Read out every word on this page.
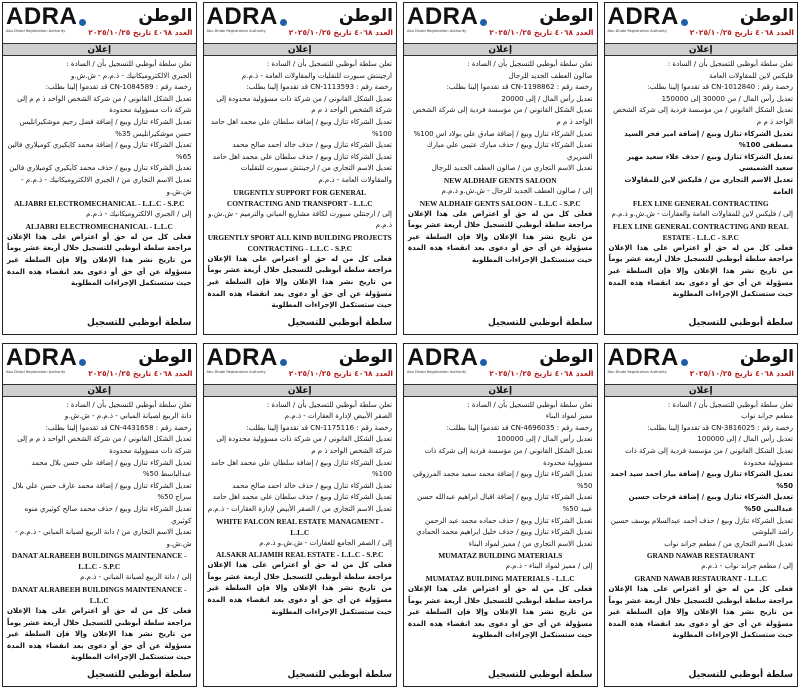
ADRA
Abu Dhabi Registration Authority
الوطن
العدد ٤٠٦٨ تاريخ ٢٠٢٥/١٠/٢٥
إعلان

تعلن سلطة أبوظبي للتسجيل بأن / السادة :

الجبري الالكتروميكانيك - ذ.م.م - ش.ش.و

رخصة رقم : CN-1084589 قد تقدموا إلينا بطلب:

تعديل الشكل القانوني / من شركة الشخص الواحد ذ م م إلى شركة ذات مسؤولية محدودة

تعديل الشركاء تنازل وبيع / إضافة فضل رحيم موشكيرانليس حسن موشكيرانليس 35%

تعديل الشركاء تنازل وبيع / إضافة محمد كايكيري كوميلاري فالين 65%

تعديل الشركاء تنازل وبيع / حذف محمد كايكيري كوميلاري فالين

تعديل الاسم التجاري من / الجبري الالكتروميكانيك - ذ.م.م - ش.ش.و

ALJABRI ELECTROMECHANICAL - L.L.C - S.P.C

إلى / الجبري الالكتروميكانيك - ذ.م.م

ALJABRI ELECTROMECHANICAL - L.L.C

فعلى كل من له حق أو اعتراض على هذا الإعلان مراجعة سلطة أبوظبي للتسجيل خلال أربعة عشر يوماً من تاريخ نشر هذا الإعلان وإلا فإن السلطة غير مسؤولة عن أي حق أو دعوى بعد انقضاء هذه المدة حيث ستستكمل الإجراءات المطلوبة

سلطة أبوظبي للتسجيل
ADRA
Abu Dhabi Registration Authority
الوطن
العدد ٤٠٦٨ تاريخ ٢٠٢٥/١٠/٢٥
إعلان

تعلن سلطة أبوظبي للتسجيل بأن / السادة :

ارجينتش سبورت للنقليات والمقاولات العامة - ذ.م.م

رخصة رقم : CN-1113593 قد تقدموا إلينا بطلب:

تعديل الشكل القانوني / من شركة ذات مسؤولية محدودة إلى شركة الشخص الواحد ذ م م

تعديل الشركاء تنازل وبيع / إضافة سلطان علي محمد اهل حامد 100%

تعديل الشركاء تنازل وبيع / حذف خالد احمد صالح محمد

تعديل الشركاء تنازل وبيع / حذف سلطان علي محمد اهل حامد

تعديل الاسم التجاري من / ارجينتش سبورت للنقليات والمقاولات العامة - ذ.م.م

URGENTLY SUPPORT FOR GENERAL CONTRACTING AND TRANSPORT - L.L.C

إلى / ارجنتلي سبورت لكافة مشاريع المباني والترميم - ش.ش.و ذ.م.م

URGENTLY SPORT ALL KIND BUILDING PROJECTS CONTRACTING - L.L.C - S.P.C

فعلى كل من له حق أو اعتراض على هذا الإعلان مراجعة سلطة أبوظبي للتسجيل خلال أربعة عشر يوماً من تاريخ نشر هذا الإعلان وإلا فإن السلطة غير مسؤولة عن أي حق أو دعوى بعد انقضاء هذه المدة حيث ستستكمل الإجراءات المطلوبة

سلطة أبوظبي للتسجيل
ADRA
Abu Dhabi Registration Authority
الوطن
العدد ٤٠٦٨ تاريخ ٢٠٢٥/١٠/٢٥
إعلان

تعلن سلطة أبوظبي للتسجيل بأن / السادة :

صالون العطف الجديد للرجال

رخصة رقم : CN-1198862 قد تقدموا إلينا بطلب:

تعديل رأس المال / إلى 20000

تعديل الشكل القانوني / من مؤسسة فردية إلى شركة الشخص الواحد ذ م م

تعديل الشركاء تنازل وبيع / إضافة صادق علي بولاد اس 100%

تعديل الشركاء تنازل وبيع / حذف مبارك عتيبي علي مبارك السريري

تعديل الاسم التجاري من / صالون العطف الجديد للرجال

NEW ALDHAIF GENTS SALOON

إلى / صالون العطف الجديد للرجال - ش.ش.و ذ.م.م

NEW ALDHAIF GENTS SALOON - L.L.C - S.P.C

فعلى كل من له حق أو اعتراض على هذا الإعلان مراجعة سلطة أبوظبي للتسجيل خلال أربعة عشر يوماً من تاريخ نشر هذا الإعلان وإلا فإن السلطة غير مسؤولة عن أي حق أو دعوى بعد انقضاء هذه المدة حيث ستستكمل الإجراءات المطلوبة

سلطة أبوظبي للتسجيل
ADRA
Abu Dhabi Registration Authority
الوطن
العدد ٤٠٦٨ تاريخ ٢٠٢٥/١٠/٢٥
إعلان

تعلن سلطة أبوظبي للتسجيل بأن / السادة :

فليكس لاين للمقاولات العامة

رخصة رقم : CN-1012840 قد تقدموا إلينا بطلب:

تعديل رأس المال / من 30000 إلى 150000

تعديل الشكل القانوني / من مؤسسة فردية إلى شركة الشخص الواحد ذ م م

تعديل الشركاء تنازل وبيع / إضافة امير فخر السيد مصطفى 100%

تعديل الشركاء تنازل وبيع / حذف علاء سعيد مهير سعيد الشميسي

تعديل الاسم التجاري من / فليكس لاين للمقاولات العامة

FLEX LINE GENERAL CONTRACTING

إلى / فليكس لاين للمقاولات العامة والعقارات - ش.ش.و ذ.م.م

FLEX LINE GENERAL CONTRACTING AND REAL ESTATE - L.L.C - S.P.C

فعلى كل من له حق أو اعتراض على هذا الإعلان مراجعة سلطة أبوظبي للتسجيل خلال أربعة عشر يوماً من تاريخ نشر هذا الإعلان وإلا فإن السلطة غير مسؤولة عن أي حق أو دعوى بعد انقضاء هذه المدة حيث ستستكمل الإجراءات المطلوبة

سلطة أبوظبي للتسجيل
ADRA
Abu Dhabi Registration Authority
الوطن
العدد ٤٠٦٨ تاريخ ٢٠٢٥/١٠/٢٥
إعلان

تعلن سلطة أبوظبي للتسجيل بأن / السادة :

دانة الربيع لصيانة المباني - ذ.م.م - ش.ش.و

رخصة رقم : CN-4431658 قد تقدموا إلينا بطلب:

تعديل الشكل القانوني / من شركة الشخص الواحد ذ م م إلى شركة ذات مسؤولية محدودة

تعديل الشركاء تنازل وبيع / إضافة علي حسن بلال محمد عبدالباسط 50%

تعديل الشركاء تنازل وبيع / إضافة محمد عارف حسن علي بلال سراج 50%

تعديل الشركاء تنازل وبيع / حذف محمد صالح كوثيري منوه كوثيري

تعديل الاسم التجاري من / دانة الربيع لصيانة المباني - ذ.م.م - ش.ش.و

DANAT ALRABEEH BUILDINGS MAINTENANCE - L.L.C - S.P.C

إلى / دانة الربيع لصيانة المباني - ذ.م.م

DANAT ALRABEEH BUILDINGS MAINTENANCE - L.L.C

فعلى كل من له حق أو اعتراض على هذا الإعلان مراجعة سلطة أبوظبي للتسجيل خلال أربعة عشر يوماً من تاريخ نشر هذا الإعلان وإلا فإن السلطة غير مسؤولة عن أي حق أو دعوى بعد انقضاء هذه المدة حيث ستستكمل الإجراءات المطلوبة

سلطة أبوظبي للتسجيل
ADRA
Abu Dhabi Registration Authority
الوطن
العدد ٤٠٦٨ تاريخ ٢٠٢٥/١٠/٢٥
إعلان

تعلن سلطة أبوظبي للتسجيل بأن / السادة :

الصقر الأبيض لإدارة العقارات - ذ.م.م

رخصة رقم : CN-1175116 قد تقدموا إلينا بطلب:

تعديل الشكل القانوني / من شركة ذات مسؤولية محدودة إلى شركة الشخص الواحد ذ م م

تعديل الشركاء تنازل وبيع / إضافة سلطان علي محمد اهل حامد 100%

تعديل الشركاء تنازل وبيع / حذف خالد احمد صالح محمد

تعديل الشركاء تنازل وبيع / حذف سلطان علي محمد اهل حامد

تعديل الاسم التجاري من / الصقر الأبيض لإدارة العقارات - ذ.م.م

WHITE FALCON REAL ESTATE MANAGMENT - L.L.C

إلى / الصقر الجامع للعقارات - ش.ش.و ذ.م.م

ALSAKR ALJAMIH REAL ESTATE - L.L.C - S.P.C

فعلى كل من له حق أو اعتراض على هذا الإعلان مراجعة سلطة أبوظبي للتسجيل خلال أربعة عشر يوماً من تاريخ نشر هذا الإعلان وإلا فإن السلطة غير مسؤولة عن أي حق أو دعوى بعد انقضاء هذه المدة حيث ستستكمل الإجراءات المطلوبة

سلطة أبوظبي للتسجيل
ADRA
Abu Dhabi Registration Authority
الوطن
العدد ٤٠٦٨ تاريخ ٢٠٢٥/١٠/٢٥
إعلان

تعلن سلطة أبوظبي للتسجيل بأن / السادة :

مميز لمواد البناء

رخصة رقم : CN-4696035 قد تقدموا إلينا بطلب:

تعديل رأس المال / إلى 100000

تعديل الشكل القانوني / من مؤسسة فردية إلى شركة ذات مسؤولية محدودة

تعديل الشركاء تنازل وبيع / إضافة محمد سعيد محمد المرزوقي 50%

تعديل الشركاء تنازل وبيع / إضافة اقبال ابراهيم عبدالله حسن عبيد 50%

تعديل الشركاء تنازل وبيع / حذف حماده محمد عبد الرحمن

تعديل الشركاء تنازل وبيع / حذف خليل ابراهيم محمد الحمادي

تعديل الاسم التجاري من / مميز لمواد البناء

MUMATAZ BUILDING MATERIALS

إلى / مميز لمواد البناء - ذ.م.م

MUMATAZ BUILDING MATERIALS - L.L.C

فعلى كل من له حق أو اعتراض على هذا الإعلان مراجعة سلطة أبوظبي للتسجيل خلال أربعة عشر يوماً من تاريخ نشر هذا الإعلان وإلا فإن السلطة غير مسؤولة عن أي حق أو دعوى بعد انقضاء هذه المدة حيث ستستكمل الإجراءات المطلوبة

سلطة أبوظبي للتسجيل
ADRA
Abu Dhabi Registration Authority
الوطن
العدد ٤٠٦٨ تاريخ ٢٠٢٥/١٠/٢٥
إعلان

تعلن سلطة أبوظبي للتسجيل بأن / السادة :

مطعم جراند نواب

رخصة رقم : CN-3816025 قد تقدموا إلينا بطلب:

تعديل رأس المال / إلى 100000

تعديل الشكل القانوني / من مؤسسة فردية إلى شركة ذات مسؤولية محدودة

تعديل الشركاء تنازل وبيع / إضافة بيار احمد سيد احمد 50%

تعديل الشركاء تنازل وبيع / إضافة فرحات حسين عبدالنبي 50%

تعديل الشركاء تنازل وبيع / حذف أحمد عبدالسلام يوسف حسين راشد البلوشي

تعديل الاسم التجاري من / مطعم جراند نواب

GRAND NAWAB RESTAURANT

إلى / مطعم جراند نواب - ذ.م.م

GRAND NAWAB RESTAURANT - L.L.C

فعلى كل من له حق أو اعتراض على هذا الإعلان مراجعة سلطة أبوظبي للتسجيل خلال أربعة عشر يوماً من تاريخ نشر هذا الإعلان وإلا فإن السلطة غير مسؤولة عن أي حق أو دعوى بعد انقضاء هذه المدة حيث ستستكمل الإجراءات المطلوبة

سلطة أبوظبي للتسجيل
